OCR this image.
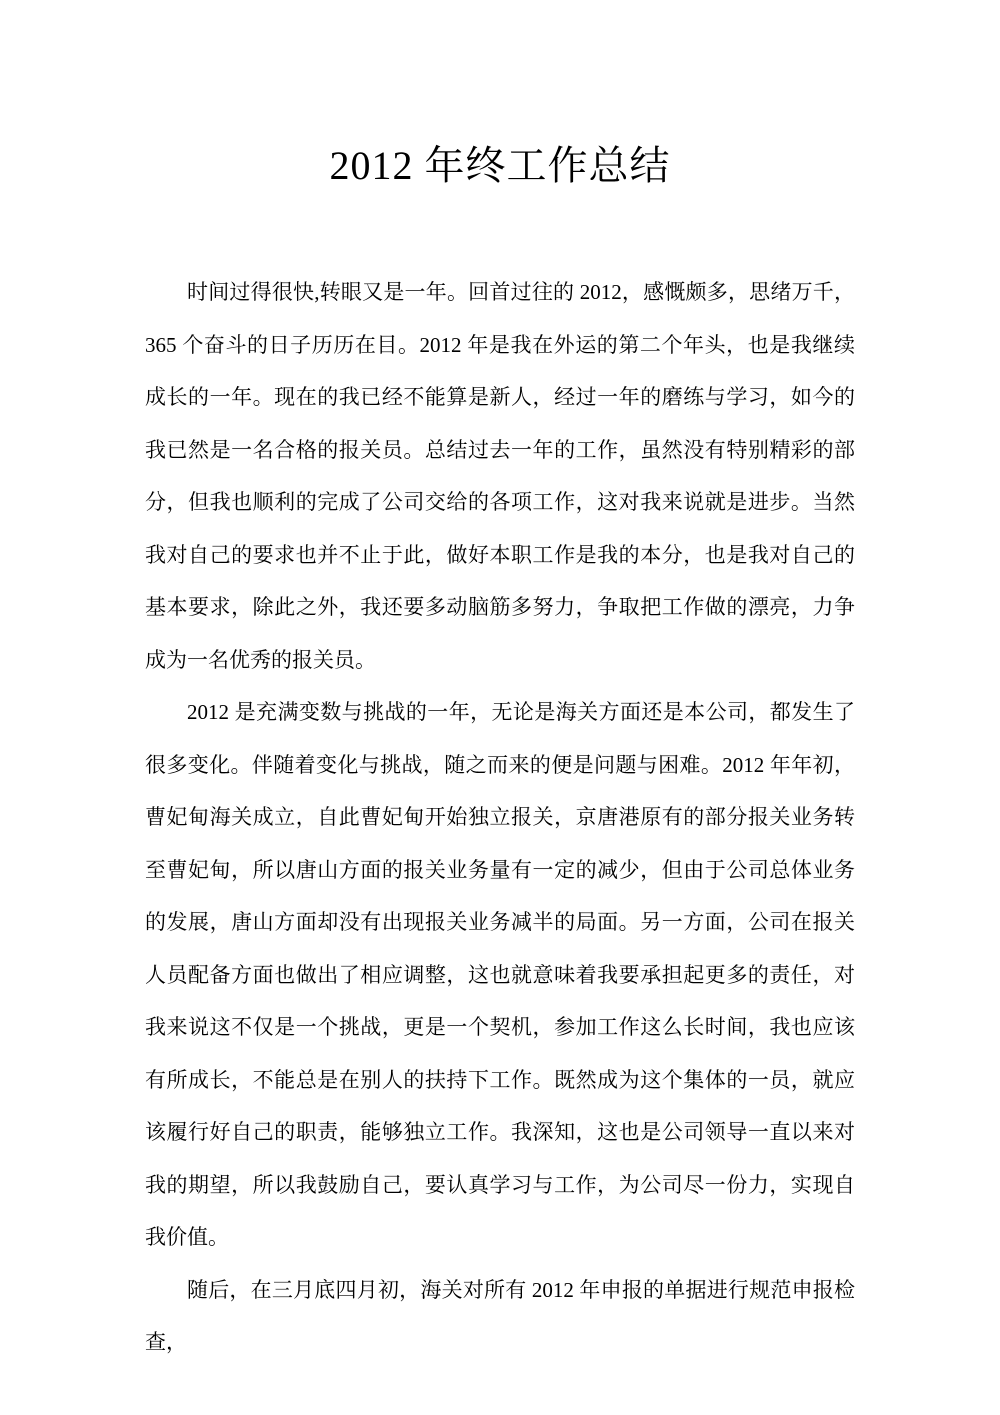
2012 年终工作总结

时间过得很快,转眼又是一年。回首过往的 2012，感慨颇多，思绪万千，365 个奋斗的日子历历在目。2012 年是我在外运的第二个年头，也是我继续成长的一年。现在的我已经不能算是新人，经过一年的磨练与学习，如今的我已然是一名合格的报关员。总结过去一年的工作，虽然没有特别精彩的部分，但我也顺利的完成了公司交给的各项工作，这对我来说就是进步。当然我对自己的要求也并不止于此，做好本职工作是我的本分，也是我对自己的基本要求，除此之外，我还要多动脑筋多努力，争取把工作做的漂亮，力争成为一名优秀的报关员。

2012 是充满变数与挑战的一年，无论是海关方面还是本公司，都发生了很多变化。伴随着变化与挑战，随之而来的便是问题与困难。2012 年年初，曹妃甸海关成立，自此曹妃甸开始独立报关，京唐港原有的部分报关业务转至曹妃甸，所以唐山方面的报关业务量有一定的减少，但由于公司总体业务的发展，唐山方面却没有出现报关业务减半的局面。另一方面，公司在报关人员配备方面也做出了相应调整，这也就意味着我要承担起更多的责任，对我来说这不仅是一个挑战，更是一个契机，参加工作这么长时间，我也应该有所成长，不能总是在别人的扶持下工作。既然成为这个集体的一员，就应该履行好自己的职责，能够独立工作。我深知，这也是公司领导一直以来对我的期望，所以我鼓励自己，要认真学习与工作，为公司尽一份力，实现自我价值。

随后，在三月底四月初，海关对所有 2012 年申报的单据进行规范申报检查，
